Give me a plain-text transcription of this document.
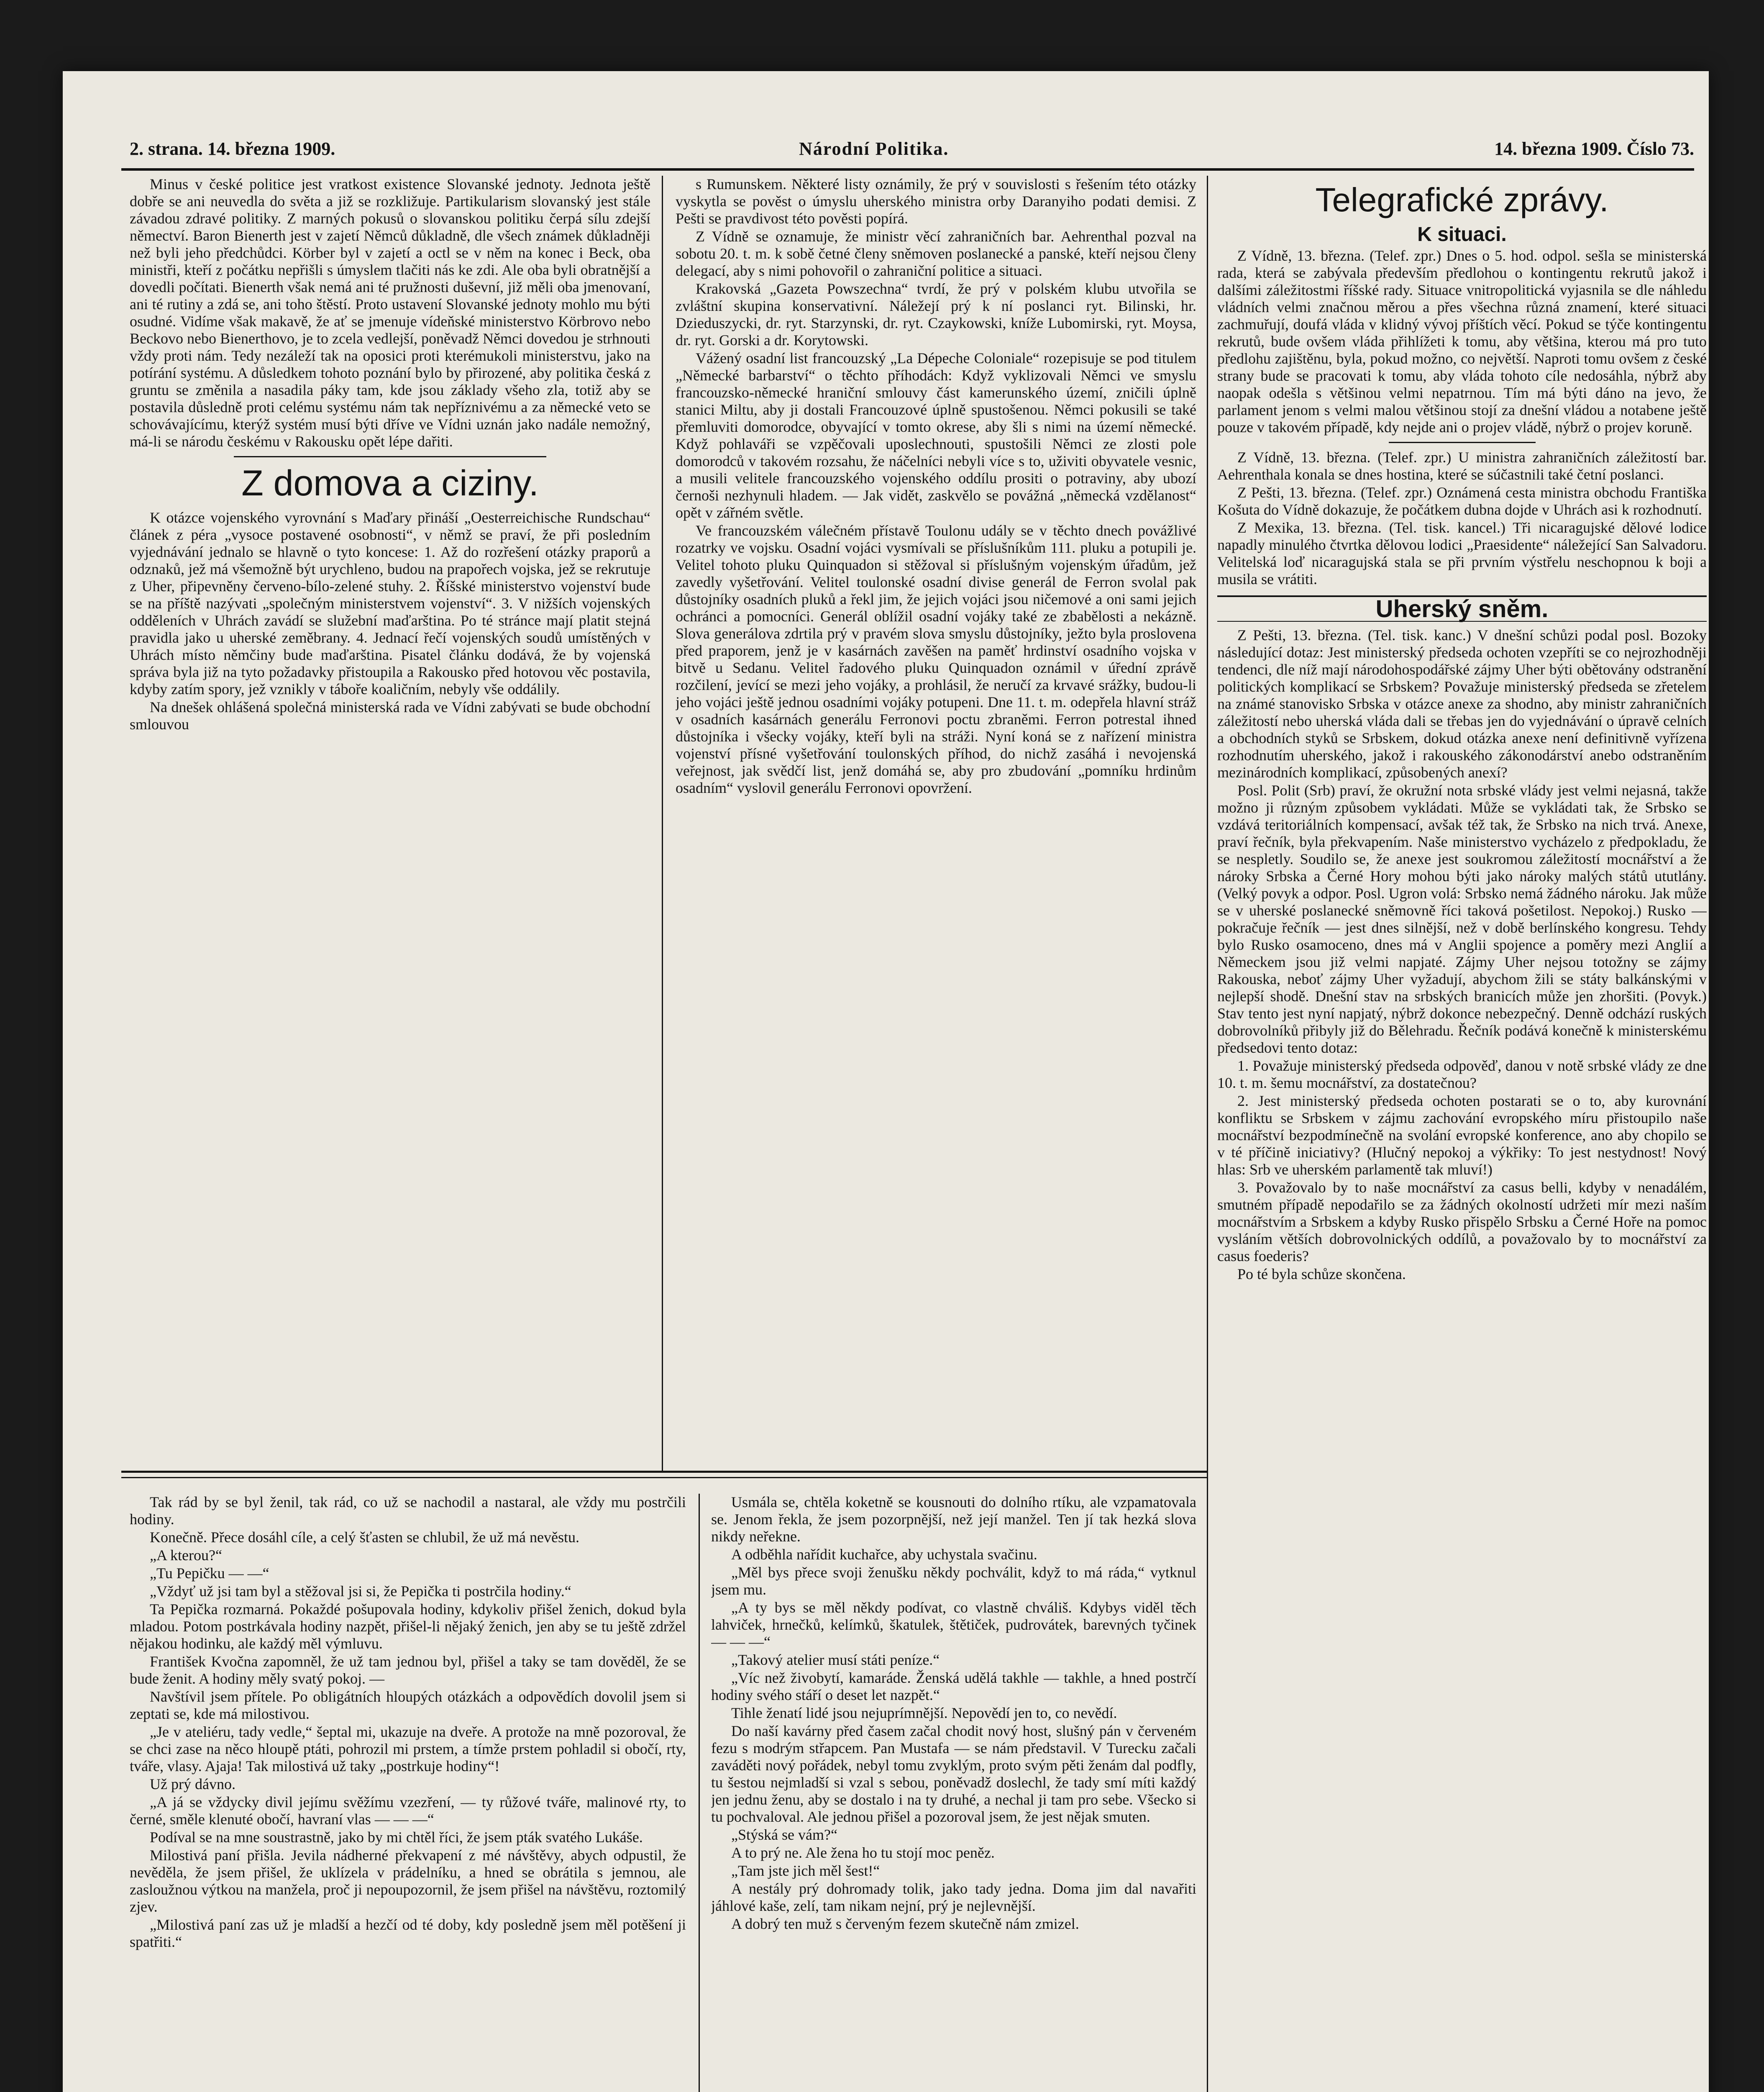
2. strana. 14. března 1909.	Národní Politika.	14. března 1909. Číslo 73.

Minus v české politice jest vratkost existence Slovanské jednoty. Jednota ještě dobře se ani neuvedla do světa a již se rozkližuje. Partikularism slovanský jest stále závadou zdravé politiky. Z marných pokusů o slovanskou politiku čerpá sílu zdejší němectví. Baron Bienerth jest v zajetí Němců důkladně, dle všech známek důkladněji než byli jeho předchůdci. Körber byl v zajetí a octl se v něm na konec i Beck, oba ministři, kteří z počátku nepřišli s úmyslem tlačiti nás ke zdi. Ale oba byli obratnější a dovedli počítati. Bienerth však nemá ani té pružnosti duševní, již měli oba jmenovaní, ani té rutiny a zdá se, ani toho štěstí. Proto ustavení Slovanské jednoty mohlo mu býti osudné. Vidíme však makavě, že ať se jmenuje vídeňské ministerstvo Körbrovo nebo Beckovo nebo Bienerthovo, je to zcela vedlejší, poněvadž Němci dovedou je strhnouti vždy proti nám. Tedy nezáleží tak na oposici proti kterémukoli ministerstvu, jako na potírání systému. A důsledkem tohoto poznání bylo by přirozené, aby politika česká z gruntu se změnila a nasadila páky tam, kde jsou základy všeho zla, totiž aby se postavila důsledně proti celému systému nám tak nepříznivému a za německé veto se schovávajícímu, kterýž systém musí býti dříve ve Vídni uznán jako nadále nemožný, má-li se národu českému v Rakousku opět lépe dařiti.

Z domova a ciziny.

K otázce vojenského vyrovnání s Maďary přináší „Oesterreichische Rundschau“ článek z péra „vysoce postavené osobnosti“, v němž se praví, že při posledním vyjednávání jednalo se hlavně o tyto koncese: 1. Až do rozřešení otázky praporů a odznaků, jež má všemožně být urychleno, budou na prapořech vojska, jež se rekrutuje z Uher, připevněny červeno-bílo-zelené stuhy. 2. Říšské ministerstvo vojenství bude se na příště nazývati „společným ministerstvem vojenství“. 3. V nižších vojenských odděleních v Uhrách zavádí se služební maďarština. Po té stránce mají platit stejná pravidla jako u uherské zeměbrany. 4. Jednací řečí vojenských soudů umístěných v Uhrách místo němčiny bude maďarština. Pisatel článku dodává, že by vojenská správa byla již na tyto požadavky přistoupila a Rakousko před hotovou věc postavila, kdyby zatím spory, jež vznikly v táboře koaličním, nebyly vše oddálily.

Na dnešek ohlášená společná ministerská rada ve Vídni zabývati se bude obchodní smlouvou

s Rumunskem. Některé listy oznámily, že prý v souvislosti s řešením této otázky vyskytla se pověst o úmyslu uherského ministra orby Daranyiho podati demisi. Z Pešti se pravdivost této pověsti popírá.

Z Vídně se oznamuje, že ministr věcí zahraničních bar. Aehrenthal pozval na sobotu 20. t. m. k sobě četné členy sněmoven poslanecké a panské, kteří nejsou členy delegací, aby s nimi pohovořil o zahraniční politice a situaci.

Krakovská „Gazeta Powszechna“ tvrdí, že prý v polském klubu utvořila se zvláštní skupina konservativní. Náležejí prý k ní poslanci ryt. Bilinski, hr. Dzieduszycki, dr. ryt. Starzynski, dr. ryt. Czaykowski, kníže Lubomirski, ryt. Moysa, dr. ryt. Gorski a dr. Korytowski.

Vážený osadní list francouzský „La Dépeche Coloniale“ rozepisuje se pod titulem „Německé barbarství“ o těchto příhodách: Když vyklizovali Němci ve smyslu francouzsko-německé hraniční smlouvy část kamerunského území, zničili úplně stanici Miltu, aby ji dostali Francouzové úplně spustošenou. Němci pokusili se také přemluviti domorodce, obyvající v tomto okrese, aby šli s nimi na území německé. Když pohlaváři se vzpěčovali uposlechnouti, spustošili Němci ze zlosti pole domorodců v takovém rozsahu, že náčelníci nebyli více s to, uživiti obyvatele vesnic, a musili velitele francouzského vojenského oddílu prositi o potraviny, aby ubozí černoši nezhynuli hladem. — Jak vidět, zaskvělo se povážná „německá vzdělanost“ opět v zářném světle.

Ve francouzském válečném přístavě Toulonu udály se v těchto dnech povážlivé rozatrky ve vojsku. Osadní vojáci vysmívali se příslušníkům 111. pluku a potupili je. Velitel tohoto pluku Quinquadon si stěžoval si příslušným vojenským úřadům, jež zavedly vyšetřování. Velitel toulonské osadní divise generál de Ferron svolal pak důstojníky osadních pluků a řekl jim, že jejich vojáci jsou ničemové a oni sami jejich ochránci a pomocníci. Generál oblížil osadní vojáky také ze zbabělosti a nekázně. Slova generálova zdrtila prý v pravém slova smyslu důstojníky, ježto byla proslovena před praporem, jenž je v kasárnách zavěšen na paměť hrdinství osadního vojska v bitvě u Sedanu. Velitel řadového pluku Quinquadon oznámil v úřední zprávě rozčilení, jevící se mezi jeho vojáky, a prohlásil, že neručí za krvavé srážky, budou-li jeho vojáci ještě jednou osadními vojáky potupeni. Dne 11. t. m. odepřela hlavní stráž v osadních kasárnách generálu Ferronovi poctu zbraněmi. Ferron potrestal ihned důstojníka i všecky vojáky, kteří byli na stráži. Nyní koná se z nařízení ministra vojenství přísné vyšetřování toulonských příhod, do nichž zasáhá i nevojenská veřejnost, jak svědčí list, jenž domáhá se, aby pro zbudování „pomníku hrdinům osadním“ vyslovil generálu Ferronovi opovržení.

Telegrafické zprávy.
K situaci.

Z Vídně, 13. března. (Telef. zpr.) Dnes o 5. hod. odpol. sešla se ministerská rada, která se zabývala především předlohou o kontingentu rekrutů jakož i dalšími záležitostmi říšské rady. Situace vnitropolitická vyjasnila se dle náhledu vládních velmi značnou měrou a přes všechna různá znamení, které situaci zachmuřují, doufá vláda v klidný vývoj příštích věcí. Pokud se týče kontingentu rekrutů, bude ovšem vláda přihlížeti k tomu, aby většina, kterou má pro tuto předlohu zajištěnu, byla, pokud možno, co největší. Naproti tomu ovšem z české strany bude se pracovati k tomu, aby vláda tohoto cíle nedosáhla, nýbrž aby naopak odešla s většinou velmi nepatrnou. Tím má býti dáno na jevo, že parlament jenom s velmi malou většinou stojí za dnešní vládou a notabene ještě pouze v takovém případě, kdy nejde ani o projev vládě, nýbrž o projev koruně.

Z Vídně, 13. března. (Telef. zpr.) U ministra zahraničních záležitostí bar. Aehrenthala konala se dnes hostina, které se súčastnili také četní poslanci.

Z Pešti, 13. března. (Telef. zpr.) Oznámená cesta ministra obchodu Františka Košuta do Vídně dokazuje, že počátkem dubna dojde v Uhrách asi k rozhodnutí.

Z Mexika, 13. března. (Tel. tisk. kancel.) Tři nicaragujské dělové lodice napadly minulého čtvrtka dělovou lodici „Praesidente“ náležející San Salvadoru. Velitelská loď nicaragujská stala se při prvním výstřelu neschopnou k boji a musila se vrátiti.

Uherský sněm.

Z Pešti, 13. března. (Tel. tisk. kanc.) V dnešní schůzi podal posl. Bozoky následující dotaz: Jest ministerský předseda ochoten vzepříti se co nejrozhodněji tendenci, dle níž mají národohospodářské zájmy Uher býti obětovány odstranění politických komplikací se Srbskem? Považuje ministerský předseda se zřetelem na známé stanovisko Srbska v otázce anexe za shodno, aby ministr zahraničních záležitostí nebo uherská vláda dali se třebas jen do vyjednávání o úpravě celních a obchodních styků se Srbskem, dokud otázka anexe není definitivně vyřízena rozhodnutím uherského, jakož i rakouského zákonodárství anebo odstraněním mezinárodních komplikací, způsobených anexí?

Posl. Polit (Srb) praví, že okružní nota srbské vlády jest velmi nejasná, takže možno ji různým způsobem vykládati. Může se vykládati tak, že Srbsko se vzdává teritoriálních kompensací, avšak též tak, že Srbsko na nich trvá. Anexe, praví řečník, byla překvapením. Naše ministerstvo vycházelo z předpokladu, že se nespletly. Soudilo se, že anexe jest soukromou záležitostí mocnářství a že nároky Srbska a Černé Hory mohou býti jako nároky malých států ututlány. (Velký povyk a odpor. Posl. Ugron volá: Srbsko nemá žádného nároku. Jak může se v uherské poslanecké sněmovně říci taková pošetilost. Nepokoj.) Rusko — pokračuje řečník — jest dnes silnější, než v době berlínského kongresu. Tehdy bylo Rusko osamoceno, dnes má v Anglii spojence a poměry mezi Anglií a Německem jsou již velmi napjaté. Zájmy Uher nejsou totožny se zájmy Rakouska, neboť zájmy Uher vyžadují, abychom žili se státy balkánskými v nejlepší shodě. Dnešní stav na srbských branicích může jen zhoršiti. (Povyk.) Stav tento jest nyní napjatý, nýbrž dokonce nebezpečný. Denně odchází ruských dobrovolníků přibyly již do Bělehradu. Řečník podává konečně k ministerskému předsedovi tento dotaz:

1. Považuje ministerský předseda odpověď, danou v notě srbské vlády ze dne 10. t. m. šemu mocnářství, za dostatečnou?

2. Jest ministerský předseda ochoten postarati se o to, aby kurovnání konfliktu se Srbskem v zájmu zachování evropského míru přistoupilo naše mocnářství bezpodmínečně na svolání evropské konference, ano aby chopilo se v té příčině iniciativy? (Hlučný nepokoj a výkřiky: To jest nestydnost! Nový hlas: Srb ve uherském parlamentě tak mluví!)

3. Považovalo by to naše mocnářství za casus belli, kdyby v nenadálém, smutném případě nepodařilo se za žádných okolností udržeti mír mezi naším mocnářstvím a Srbskem a kdyby Rusko přispělo Srbsku a Černé Hoře na pomoc vysláním větších dobrovolnických oddílů, a považovalo by to mocnářství za casus foederis?

Po té byla schůze skončena.

Tak rád by se byl ženil, tak rád, co už se nachodil a nastaral, ale vždy mu postrčili hodiny.

Konečně. Přece dosáhl cíle, a celý šťasten se chlubil, že už má nevěstu.

„A kterou?“

„Tu Pepičku — —“

„Vždyť už jsi tam byl a stěžoval jsi si, že Pepička ti postrčila hodiny.“

Ta Pepička rozmarná. Pokaždé pošupovala hodiny, kdykoliv přišel ženich, dokud byla mladou. Potom postrkávala hodiny nazpět, přišel-li nějaký ženich, jen aby se tu ještě zdržel nějakou hodinku, ale každý měl výmluvu.

František Kvočna zapomněl, že už tam jednou byl, přišel a taky se tam dověděl, že se bude ženit. A hodiny měly svatý pokoj. —

Navštívil jsem přítele. Po obligátních hloupých otázkách a odpovědích dovolil jsem si zeptati se, kde má milostivou.

„Je v ateliéru, tady vedle,“ šeptal mi, ukazuje na dveře. A protože na mně pozoroval, že se chci zase na něco hloupě ptáti, pohrozil mi prstem, a tímže prstem pohladil si obočí, rty, tváře, vlasy. Ajaja! Tak milostivá už taky „postrkuje hodiny“!

Už prý dávno.

„A já se vždycky divil jejímu svěžímu vzezření, — ty růžové tváře, malinové rty, to černé, směle klenuté obočí, havraní vlas — — —“

Podíval se na mne soustrastně, jako by mi chtěl říci, že jsem pták svatého Lukáše.

Milostivá paní přišla. Jevila nádherné překvapení z mé návštěvy, abych odpustil, že nevěděla, že jsem přišel, že uklízela v prádelníku, a hned se obrátila s jemnou, ale zasloužnou výtkou na manžela, proč ji nepoupozornil, že jsem přišel na návštěvu, roztomilý zjev.

„Milostivá paní zas už je mladší a hezčí od té doby, kdy posledně jsem měl potěšení ji spatřiti.“

Usmála se, chtěla koketně se kousnouti do dolního rtíku, ale vzpamatovala se. Jenom řekla, že jsem pozorpnější, než její manžel. Ten jí tak hezká slova nikdy neřekne.

A odběhla nařídit kuchařce, aby uchystala svačinu.

„Měl bys přece svoji ženušku někdy pochválit, když to má ráda,“ vytknul jsem mu.

„A ty bys se měl někdy podívat, co vlastně chváliš. Kdybys viděl těch lahviček, hrnečků, kelímků, škatulek, štětiček, pudrovátek, barevných tyčinek — — —“

„Takový atelier musí státi peníze.“

„Víc než živobytí, kamaráde. Ženská udělá takhle — takhle, a hned postrčí hodiny svého stáří o deset let nazpět.“

Tihle ženatí lidé jsou nejuprímnější. Nepovědí jen to, co nevědí.

Do naší kavárny před časem začal chodit nový host, slušný pán v červeném fezu s modrým střapcem. Pan Mustafa — se nám představil. V Turecku začali zaváděti nový pořádek, nebyl tomu zvyklým, proto svým pěti ženám dal podfly, tu šestou nejmladší si vzal s sebou, poněvadž doslechl, že tady smí míti každý jen jednu ženu, aby se dostalo i na ty druhé, a nechal ji tam pro sebe. Všecko si tu pochvaloval. Ale jednou přišel a pozoroval jsem, že jest nějak smuten.

„Stýská se vám?“

A to prý ne. Ale žena ho tu stojí moc peněz.

„Tam jste jich měl šest!“

A nestály prý dohromady tolik, jako tady jedna. Doma jim dal navařiti jáhlové kaše, zelí, tam nikam nejní, prý je nejlevnější.

A dobrý ten muž s červeným fezem skutečně nám zmizel.
